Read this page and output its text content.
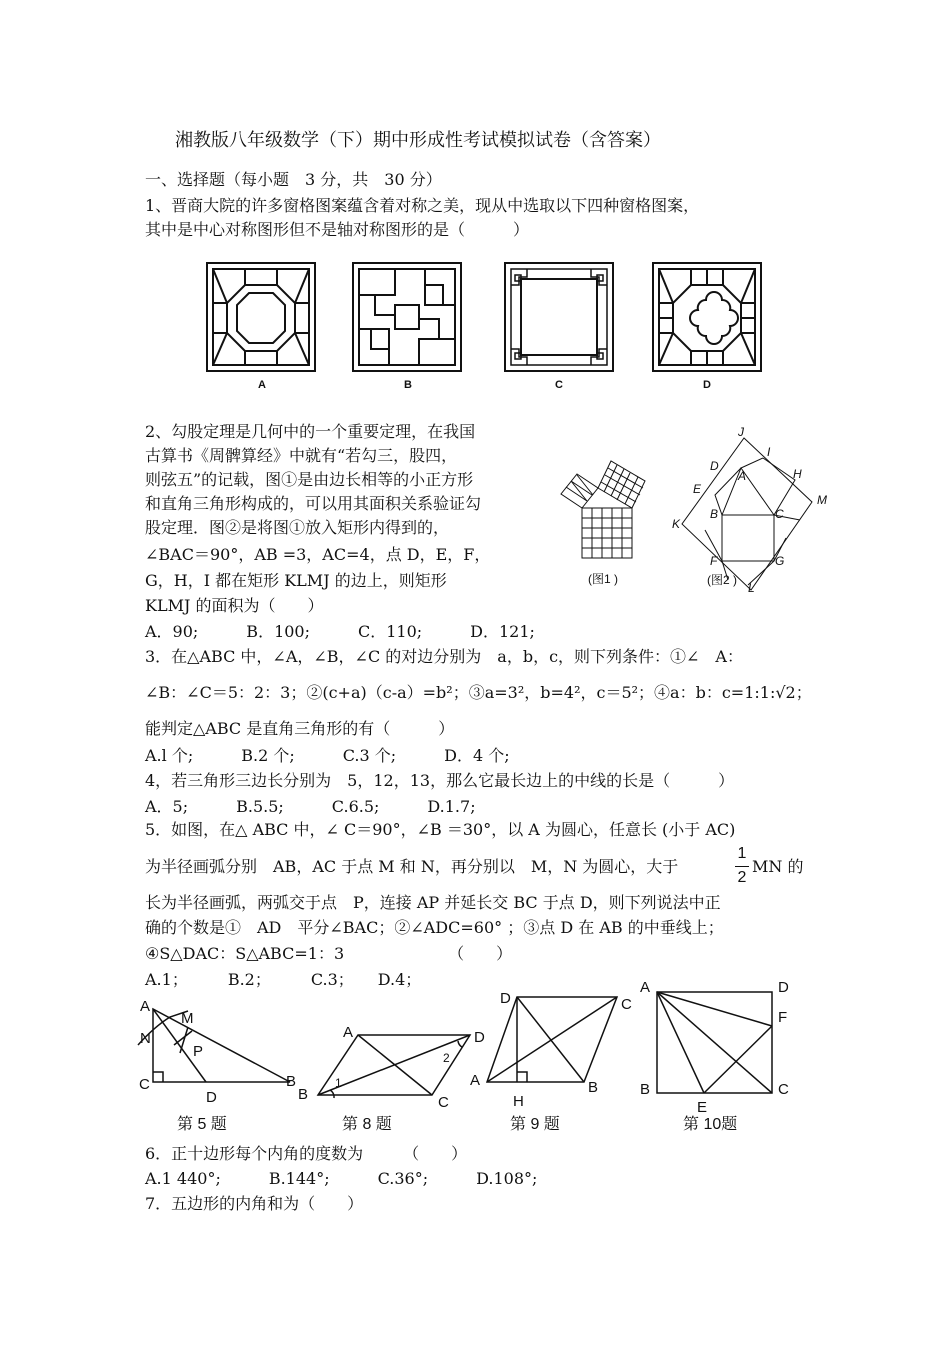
湘教版八年级数学（下）期中形成性考试模拟试卷（含答案）
一、选择题（每小题　3 分，共　30 分）
1、晋商大院的许多窗格图案蕴含着对称之美，现从中选取以下四种窗格图案，
其中是中心对称图形但不是轴对称图形的是（　　　）
A	B	C	D
2、勾股定理是几何中的一个重要定理，在我国
古算书《周髀算经》中就有“若勾三，股四，
则弦五”的记载，图①是由边长相等的小正方形
和直角三角形构成的，可以用其面积关系验证勾
股定理．图②是将图①放入矩形内得到的，
∠BAC＝90°，AB =3，AC=4，点 D，E，F，
G，H，I 都在矩形 KLMJ 的边上，则矩形
KLMJ 的面积为（　　）
(图1 )
J
I
D
A	H
E
M
B	C
K
F	G
L
(图2 )
A．90;　　　B．100;　　　C．110;　　　D．121;
3．在△ABC 中，∠A，∠B，∠C 的对边分别为　a，b，c，则下列条件：①∠　A：
∠B：∠C＝5：2：3；②(c+a)（c-a）=b²；③a=3²，b=4²，c＝5²；④a：b：c=1:1:√2；
能判定△ABC 是直角三角形的有（　　　）
A.l 个;　　　B.2 个;　　　C.3 个;　　　D．4 个;
4，若三角形三边长分别为　5，12，13，那么它最长边上的中线的长是（　　　）
A．5;　　　B.5.5;　　　C.6.5;　　　D.1.7;
5．如图，在△ ABC 中，∠ C＝90°，∠B ＝30°，以 A 为圆心，任意长 (小于 AC)
为半径画弧分别　AB，AC 于点 M 和 N，再分别以　M，N 为圆心，大于
1
2
MN 的
长为半径画弧，两弧交于点　P，连接 AP 并延长交 BC 于点 D，则下列说法中正
确的个数是①　AD　平分∠BAC；②∠ADC=60° ；③点 D 在 AB 的中垂线上；
④S△DAC：S△ABC=1：3　　　　　　　（　　）
A.1；　　　B.2；　　　C.3；　　D.4；
A
M
N
P
C
D
B
第 5 题
A	D
2
1
B	C
第 8 题
D	C
A
H
B
第 9 题
A	D
F
B
E
C
第 10题
6．正十边形每个内角的度数为　　　（　　）
A.1 440°;　　　B.144°;　　　C.36°;　　　D.108°;
7．五边形的内角和为（　　）
